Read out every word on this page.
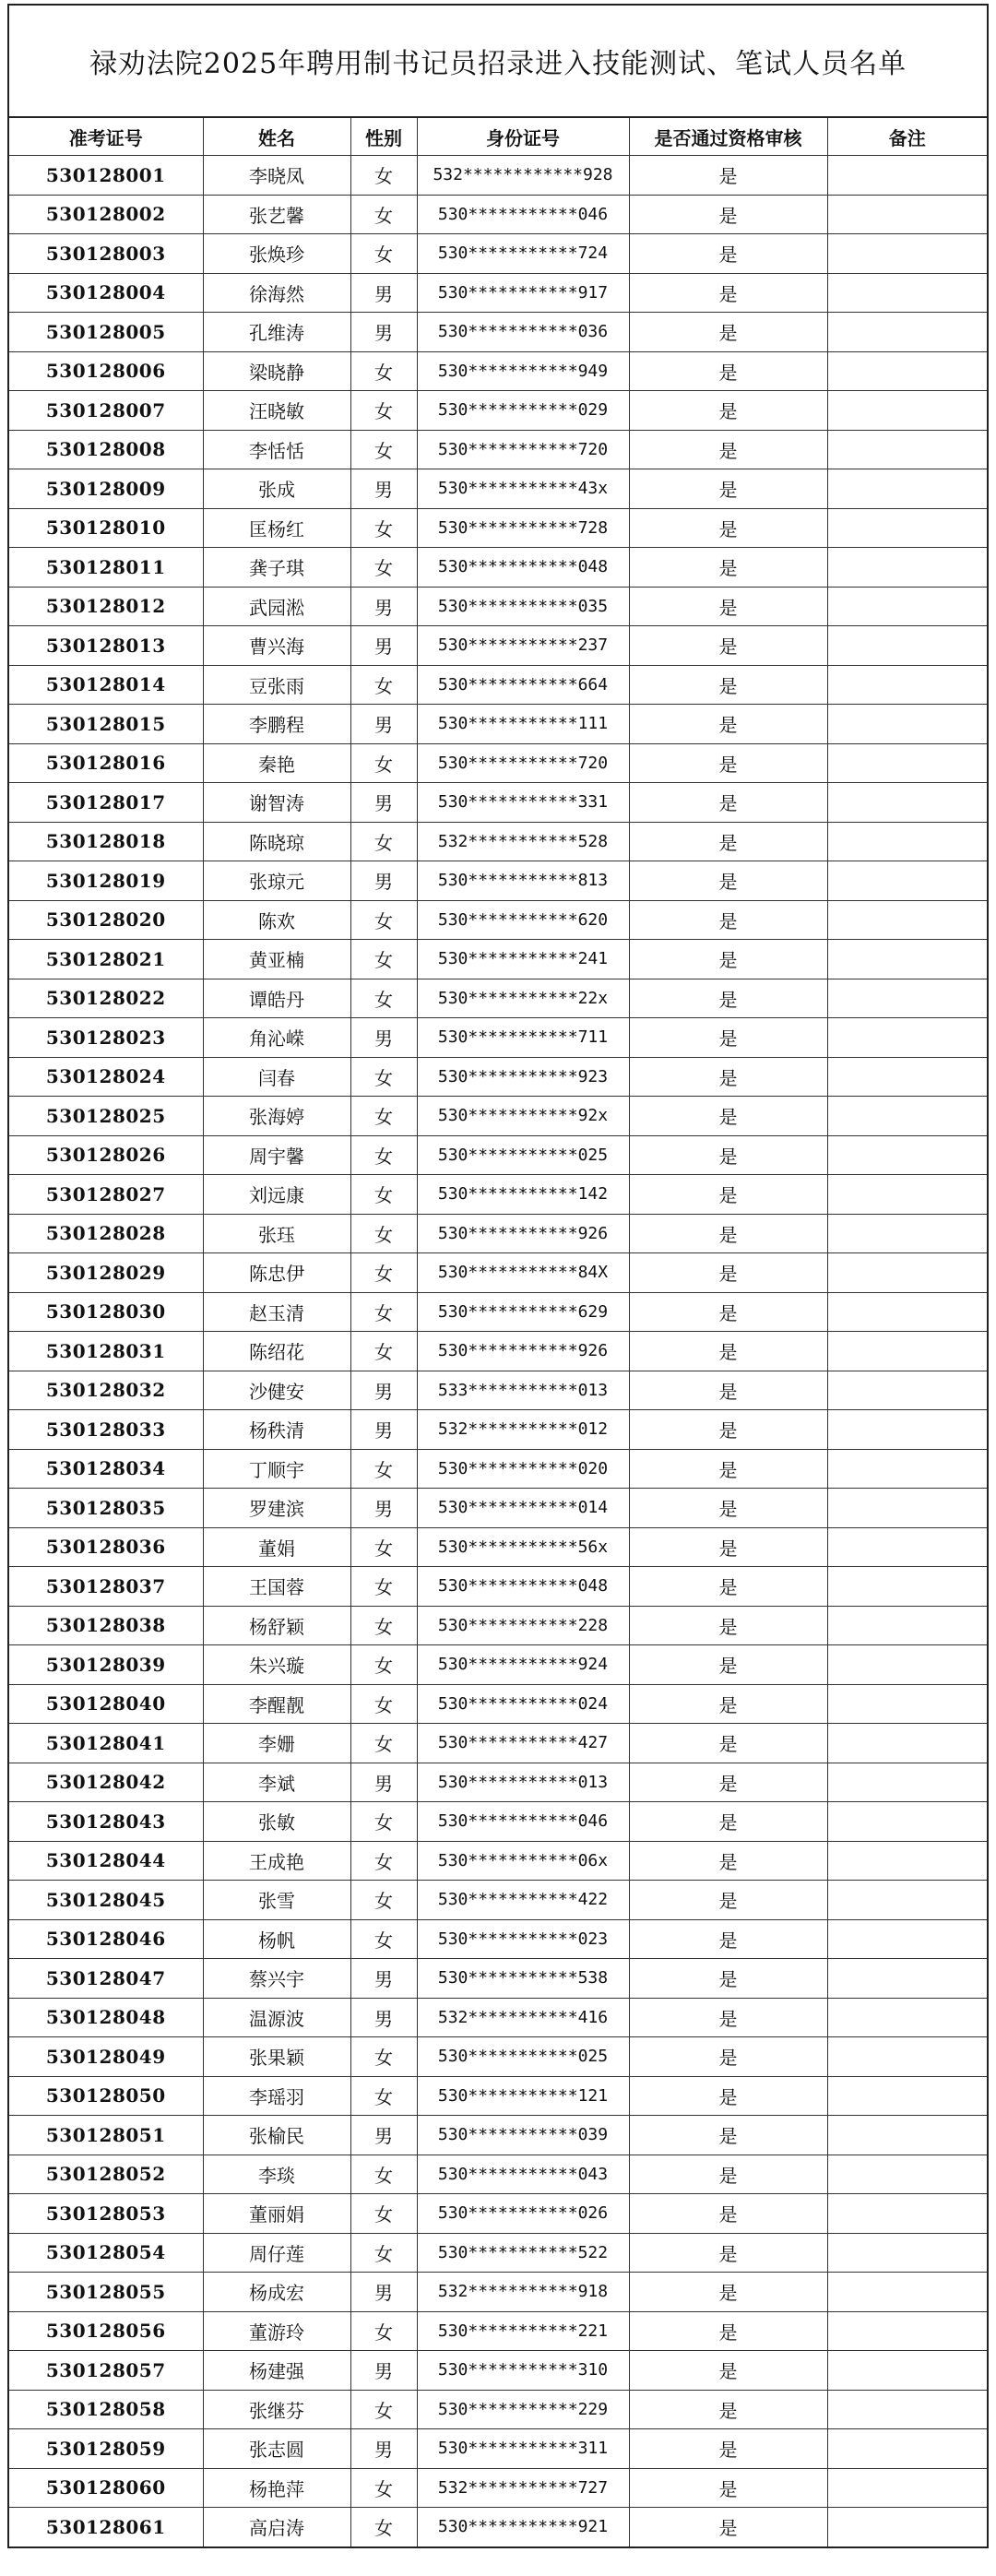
禄劝法院2025年聘用制书记员招录进入技能测试、笔试人员名单
准考证号	姓名	性别	身份证号	是否通过资格审核	备注
530128001	李晓凤	女	532************928	是	
530128002	张艺馨	女	530***********046	是	
530128003	张焕珍	女	530***********724	是	
530128004	徐海然	男	530***********917	是	
530128005	孔维涛	男	530***********036	是	
530128006	梁晓静	女	530***********949	是	
530128007	汪晓敏	女	530***********029	是	
530128008	李恬恬	女	530***********720	是	
530128009	张成	男	530***********43x	是	
530128010	匡杨红	女	530***********728	是	
530128011	龚子琪	女	530***********048	是	
530128012	武园淞	男	530***********035	是	
530128013	曹兴海	男	530***********237	是	
530128014	豆张雨	女	530***********664	是	
530128015	李鹏程	男	530***********111	是	
530128016	秦艳	女	530***********720	是	
530128017	谢智涛	男	530***********331	是	
530128018	陈晓琼	女	532***********528	是	
530128019	张琼元	男	530***********813	是	
530128020	陈欢	女	530***********620	是	
530128021	黄亚楠	女	530***********241	是	
530128022	谭皓丹	女	530***********22x	是	
530128023	角沁嵘	男	530***********711	是	
530128024	闫春	女	530***********923	是	
530128025	张海婷	女	530***********92x	是	
530128026	周宇馨	女	530***********025	是	
530128027	刘远康	女	530***********142	是	
530128028	张珏	女	530***********926	是	
530128029	陈忠伊	女	530***********84X	是	
530128030	赵玉清	女	530***********629	是	
530128031	陈绍花	女	530***********926	是	
530128032	沙健安	男	533***********013	是	
530128033	杨秩清	男	532***********012	是	
530128034	丁顺宇	女	530***********020	是	
530128035	罗建滨	男	530***********014	是	
530128036	董娟	女	530***********56x	是	
530128037	王国蓉	女	530***********048	是	
530128038	杨舒颖	女	530***********228	是	
530128039	朱兴璇	女	530***********924	是	
530128040	李醒靓	女	530***********024	是	
530128041	李姗	女	530***********427	是	
530128042	李斌	男	530***********013	是	
530128043	张敏	女	530***********046	是	
530128044	王成艳	女	530***********06x	是	
530128045	张雪	女	530***********422	是	
530128046	杨帆	女	530***********023	是	
530128047	蔡兴宇	男	530***********538	是	
530128048	温源波	男	532***********416	是	
530128049	张果颖	女	530***********025	是	
530128050	李瑶羽	女	530***********121	是	
530128051	张榆民	男	530***********039	是	
530128052	李琰	女	530***********043	是	
530128053	董丽娟	女	530***********026	是	
530128054	周仔莲	女	530***********522	是	
530128055	杨成宏	男	532***********918	是	
530128056	董游玲	女	530***********221	是	
530128057	杨建强	男	530***********310	是	
530128058	张继芬	女	530***********229	是	
530128059	张志圆	男	530***********311	是	
530128060	杨艳萍	女	532***********727	是	
530128061	高启涛	女	530***********921	是	
